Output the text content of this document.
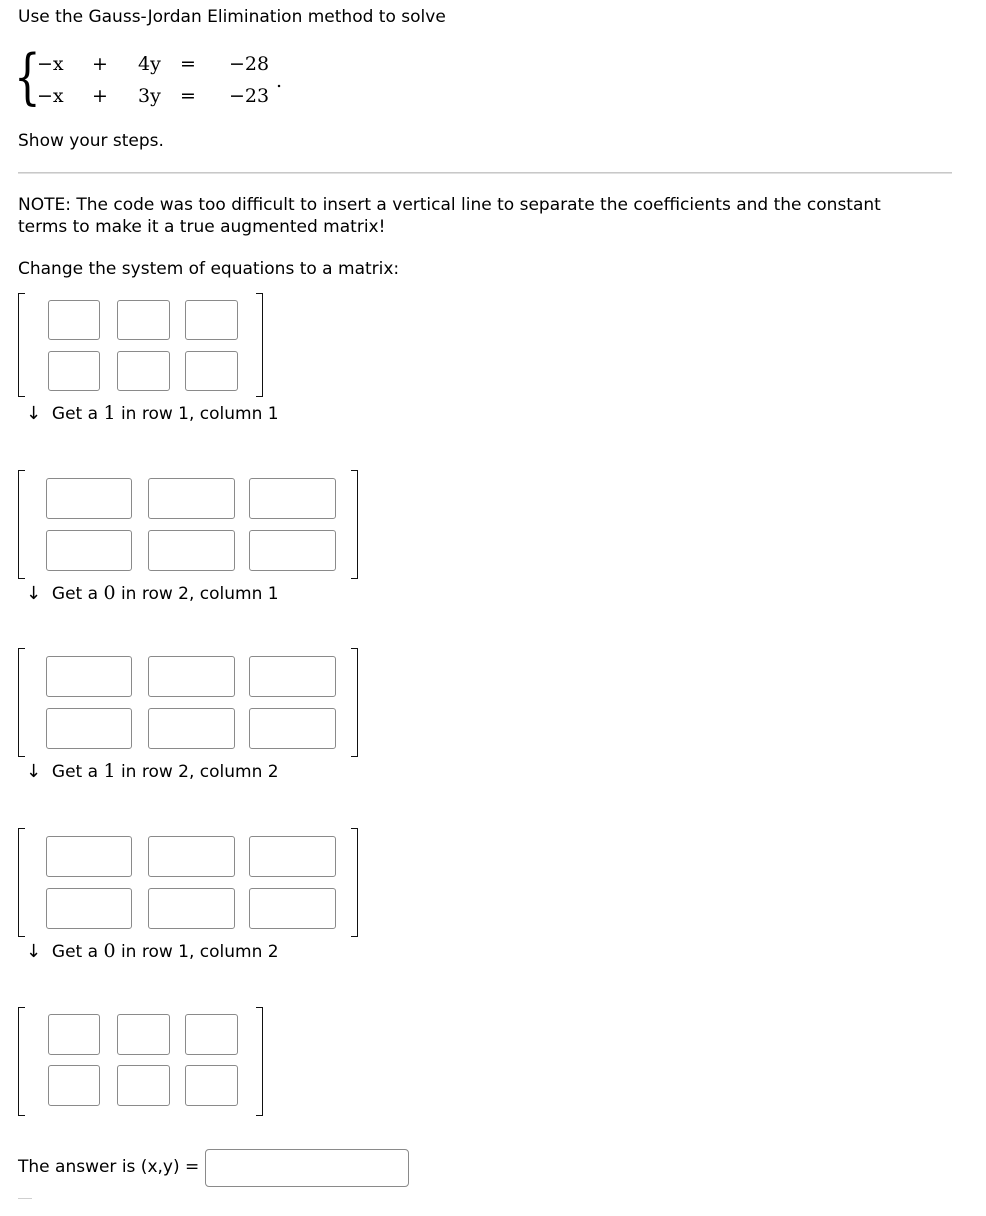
Use the Gauss-Jordan Elimination method to solve
{
−x + 4y = −28
−x + 3y = −23
.
Show your steps.
NOTE: The code was too difficult to insert a vertical line to separate the coefficients and the constant
terms to make it a true augmented matrix!
Change the system of equations to a matrix:
↓ Get a 1 in row 1, column 1
↓ Get a 0 in row 2, column 1
↓ Get a 1 in row 2, column 2
↓ Get a 0 in row 1, column 2
The answer is (x,y) =
